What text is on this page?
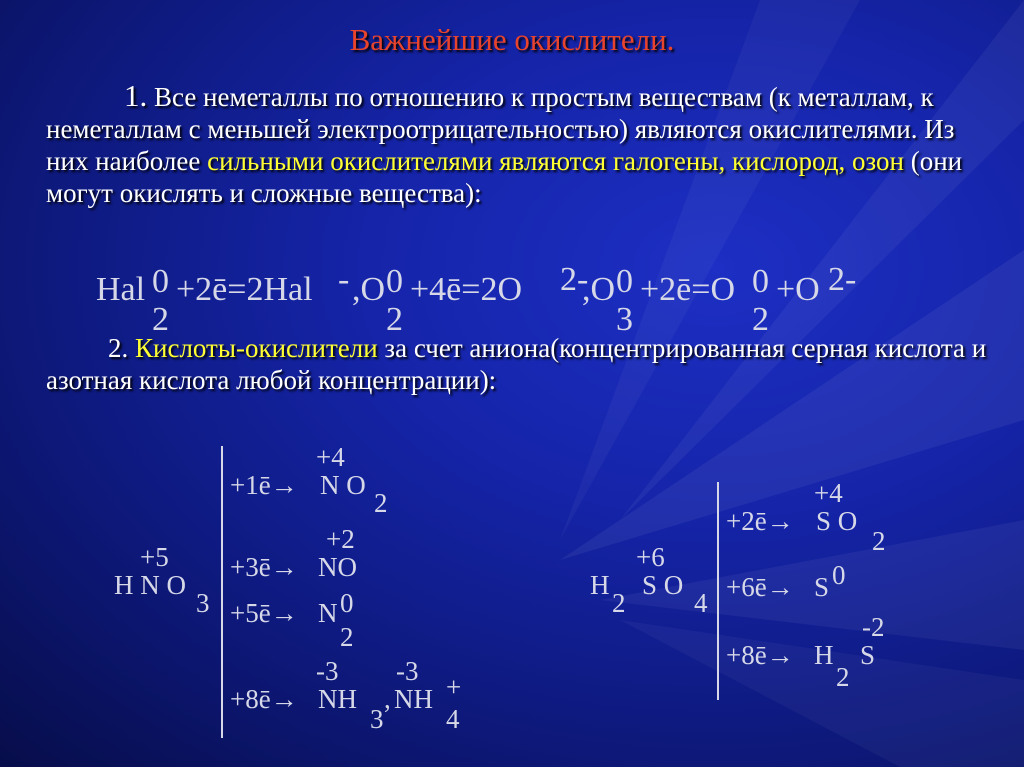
Важнейшие окислители.
1. Все неметаллы по отношению к простым веществам (к металлам, к неметаллам с меньшей электроотрицательностью) являются окислителями. Из них наиболее сильными окислителями являются галогены, кислород, озон (они могут окислять и сложные вещества):
Hal 0
2
+2ē=2Hal - ,O 0
2
+4ē=2O 2-
,O 0
3
+2ē=O 0
2
+O 2-
2. Кислоты-окислители за счет аниона(концентрированная серная кислота и азотная кислота любой концентрации):
H N O
3
+5
+1ē→ N O
2
+4
+3ē→ NO
+2
+5ē→ N
2
0
+8ē→ NH
3
, NH
4
+
-3 -3
H
2
S O
4
+6
+2ē→ S O
2
+4
+6ē→ S 0
+8ē→ H
2
S
-2
